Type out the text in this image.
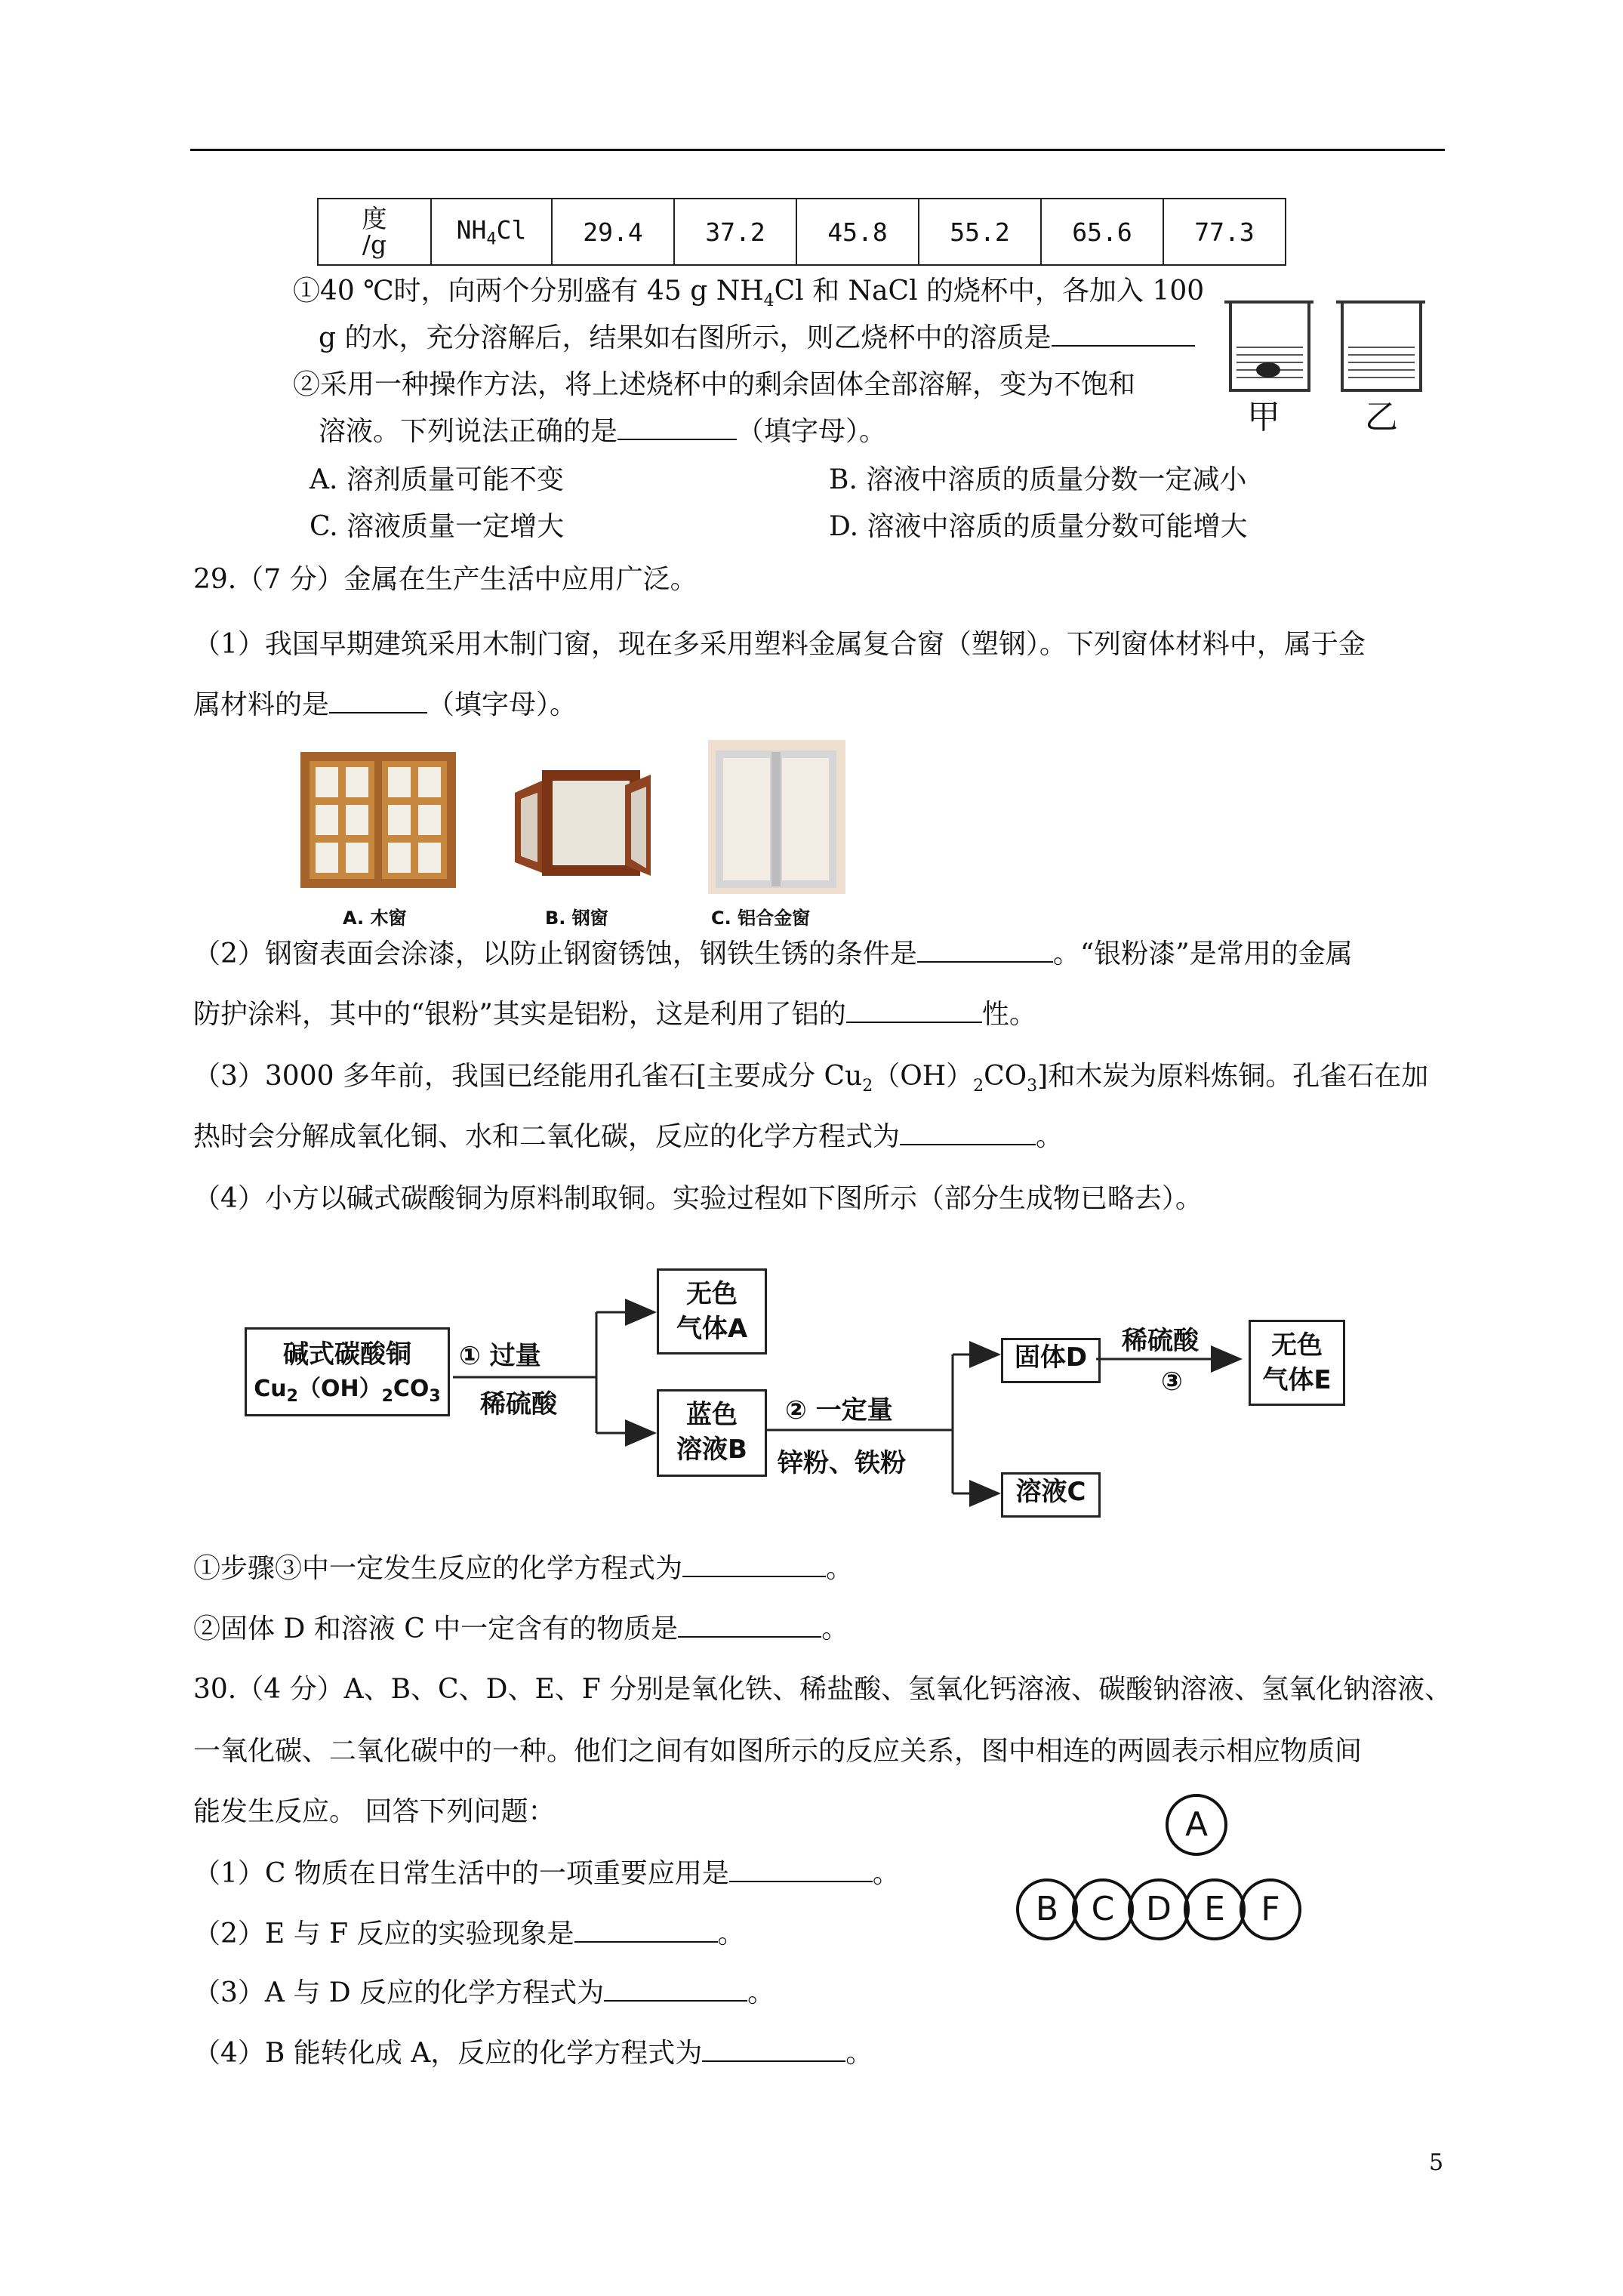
度
/g	$NH_4Cl$	29.4	37.2	45.8	55.2	65.6	77.3
①40 ℃时，向两个分别盛有 45 g $NH_4Cl$ 和 NaCl 的烧杯中，各加入 100
g 的水，充分溶解后，结果如右图所示，则乙烧杯中的溶质是
②采用一种操作方法，将上述烧杯中的剩余固体全部溶解，变为不饱和
溶液。下列说法正确的是	（填字母）。
A. 溶剂质量可能不变	B. 溶液中溶质的质量分数一定减小
C. 溶液质量一定增大	D. 溶液中溶质的质量分数可能增大
甲	乙
29.（7 分）金属在生产生活中应用广泛。
（1）我国早期建筑采用木制门窗，现在多采用塑料金属复合窗（塑钢）。下列窗体材料中，属于金
属材料的是	（填字母）。
A. 木窗	B. 钢窗	C. 铝合金窗
（2）钢窗表面会涂漆，以防止钢窗锈蚀，钢铁生锈的条件是	。“银粉漆”是常用的金属
防护涂料，其中的“银粉”其实是铝粉，这是利用了铝的	性。
（3）3000 多年前，我国已经能用孔雀石[主要成分 $Cu_2(OH)_2CO_3$]和木炭为原料炼铜。孔雀石在加
热时会分解成氧化铜、水和二氧化碳，反应的化学方程式为	。
（4）小方以碱式碳酸铜为原料制取铜。实验过程如下图所示（部分生成物已略去）。
碱式碳酸铜
$Cu_2(OH)_2CO_3$
① 过量
稀硫酸
无色
气体A
蓝色
溶液B
② 一定量
锌粉、铁粉
固体D
溶液C
稀硫酸
③
无色
气体E
①步骤③中一定发生反应的化学方程式为	。
②固体 D 和溶液 C 中一定含有的物质是	。
30.（4 分）A、B、C、D、E、F 分别是氧化铁、稀盐酸、氢氧化钙溶液、碳酸钠溶液、氢氧化钠溶液、
一氧化碳、二氧化碳中的一种。他们之间有如图所示的反应关系，图中相连的两圆表示相应物质间
能发生反应。 回答下列问题：
（1）C 物质在日常生活中的一项重要应用是	。
（2）E 与 F 反应的实验现象是	。
（3）A 与 D 反应的化学方程式为	。
（4）B 能转化成 A，反应的化学方程式为	。
A
B C D E	F
5
